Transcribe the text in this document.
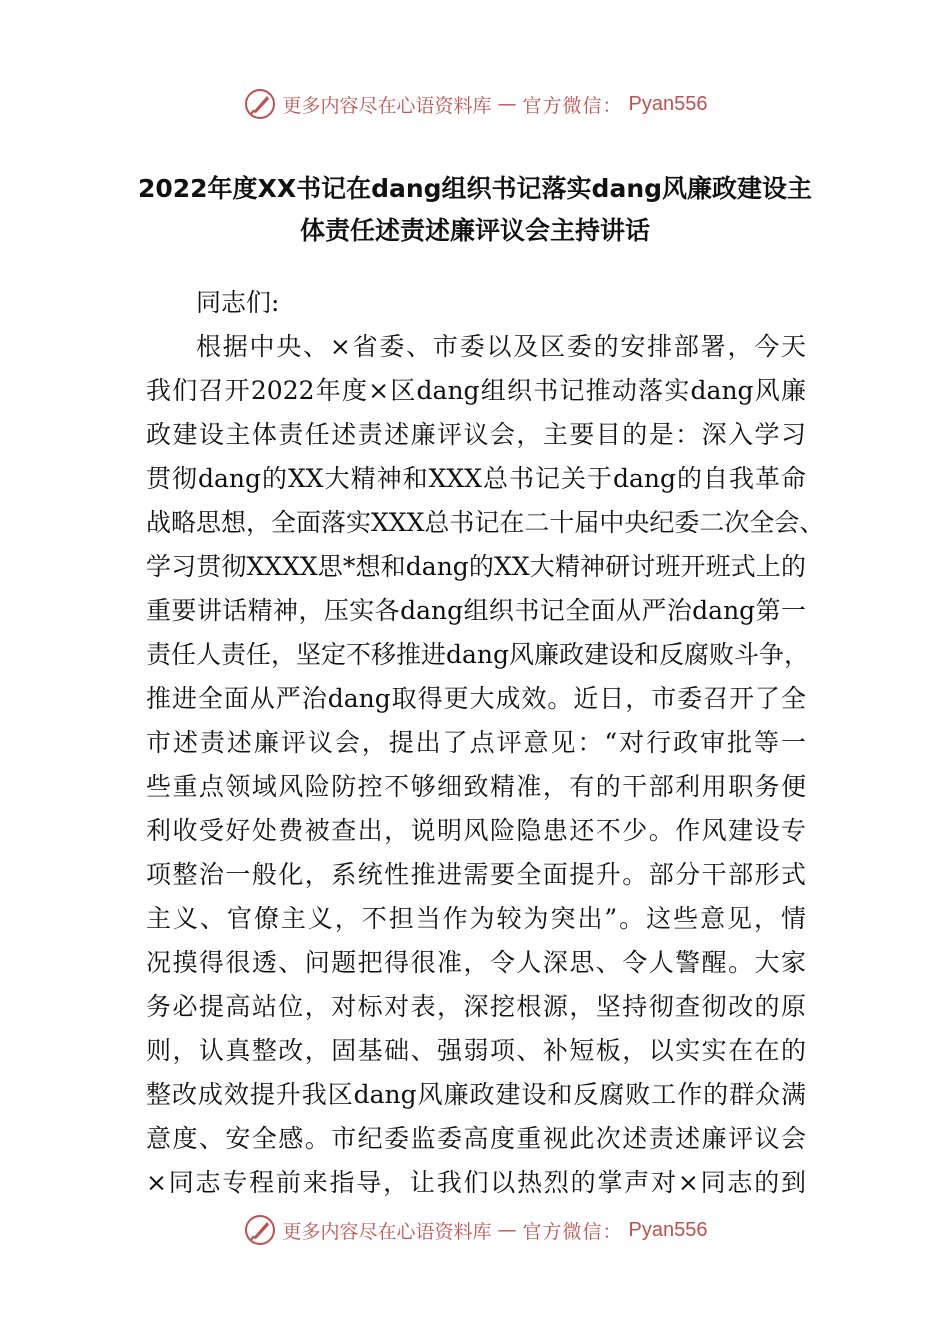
更多内容尽在心语资料库 — 官方微信： Pyan556
2022年度XX书记在dang组织书记落实dang风廉政建设主
体责任述责述廉评议会主持讲话

同志们:

根据中央、×省委、市委以及区委的安排部署，今天

我们召开2022年度×区dang组织书记推动落实dang风廉

政建设主体责任述责述廉评议会，主要目的是：深入学习

贯彻dang的XX大精神和XXX总书记关于dang的自我革命

战略思想，全面落实XXX总书记在二十届中央纪委二次全会、

学习贯彻XXXX思*想和dang的XX大精神研讨班开班式上的

重要讲话精神，压实各dang组织书记全面从严治dang第一

责任人责任，坚定不移推进dang风廉政建设和反腐败斗争，

推进全面从严治dang取得更大成效。近日，市委召开了全

市述责述廉评议会，提出了点评意见：“对行政审批等一

些重点领域风险防控不够细致精准，有的干部利用职务便

利收受好处费被查出，说明风险隐患还不少。作风建设专

项整治一般化，系统性推进需要全面提升。部分干部形式

主义、官僚主义，不担当作为较为突出”。这些意见，情

况摸得很透、问题把得很准，令人深思、令人警醒。大家

务必提高站位，对标对表，深挖根源，坚持彻查彻改的原

则，认真整改，固基础、强弱项、补短板，以实实在在的

整改成效提升我区dang风廉政建设和反腐败工作的群众满

意度、安全感。市纪委监委高度重视此次述责述廉评议会

×同志专程前来指导，让我们以热烈的掌声对×同志的到

更多内容尽在心语资料库 — 官方微信： Pyan556
